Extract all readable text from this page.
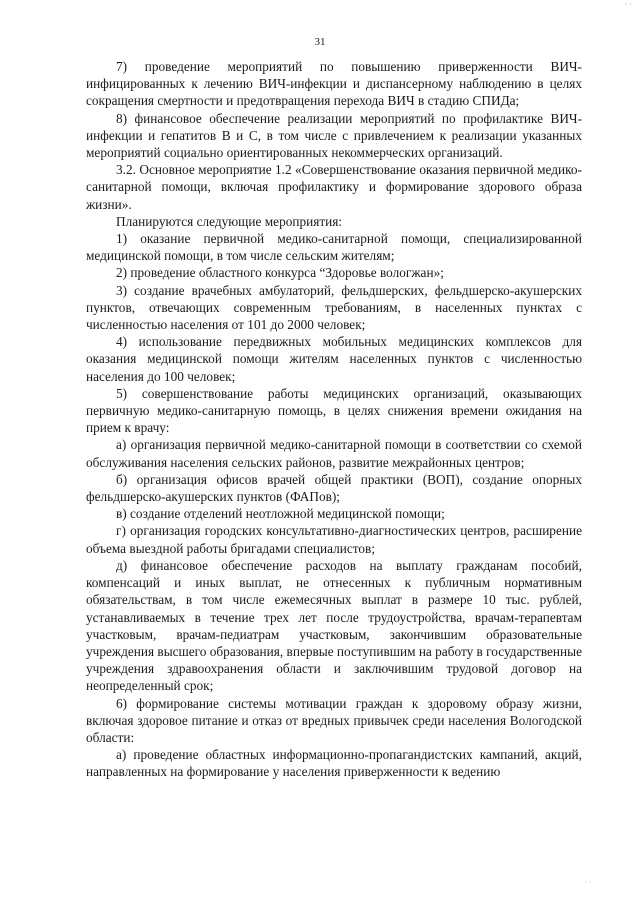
· ·
31

7) проведение мероприятий по повышению приверженности ВИЧ-инфицированных к лечению ВИЧ-инфекции и диспансерному наблюдению в целях сокращения смертности и предотвращения перехода ВИЧ в стадию СПИДа;

8) финансовое обеспечение реализации мероприятий по профилактике ВИЧ- инфекции и гепатитов В и С, в том числе с привлечением к реализации указанных мероприятий социально ориентированных некоммерческих организаций.

3.2. Основное мероприятие 1.2 «Совершенствование оказания первичной медико-санитарной помощи, включая профилактику и формирование здорового образа жизни».

Планируются следующие мероприятия:

1) оказание первичной медико-санитарной помощи, специализированной медицинской помощи, в том числе сельским жителям;

2) проведение областного конкурса “Здоровье вологжан»;

3) создание врачебных амбулаторий, фельдшерских, фельдшерско-акушерских пунктов, отвечающих современным требованиям, в населенных пунктах с численностью населения от 101 до 2000 человек;

4) использование передвижных мобильных медицинских комплексов для оказания медицинской помощи жителям населенных пунктов с численностью населения до 100 человек;

5) совершенствование работы медицинских организаций, оказывающих первичную медико-санитарную помощь, в целях снижения времени ожидания на прием к врачу:

а) организация первичной медико-санитарной помощи в соответствии со схемой обслуживания населения сельских районов, развитие межрайонных центров;

б) организация офисов врачей общей практики (ВОП), создание опорных фельдшерско-акушерских пунктов (ФАПов);

в) создание отделений неотложной медицинской помощи;

г) организация городских консультативно-диагностических центров, расширение объема выездной работы бригадами специалистов;

д) финансовое обеспечение расходов на выплату гражданам пособий, компенсаций и иных выплат, не отнесенных к публичным нормативным обязательствам, в том числе ежемесячных выплат в размере 10 тыс. рублей, устанавливаемых в течение трех лет после трудоустройства, врачам-терапевтам участковым, врачам-педиатрам участковым, закончившим образовательные учреждения высшего образования, впервые поступившим на работу в государственные учреждения здравоохранения области и заключившим трудовой договор на неопределенный срок;

6) формирование системы мотивации граждан к здоровому образу жизни, включая здоровое питание и отказ от вредных привычек среди населения Вологодской области:

а) проведение областных информационно-пропагандистских кампаний, акций, направленных на формирование у населения приверженности к ведению

· ·
